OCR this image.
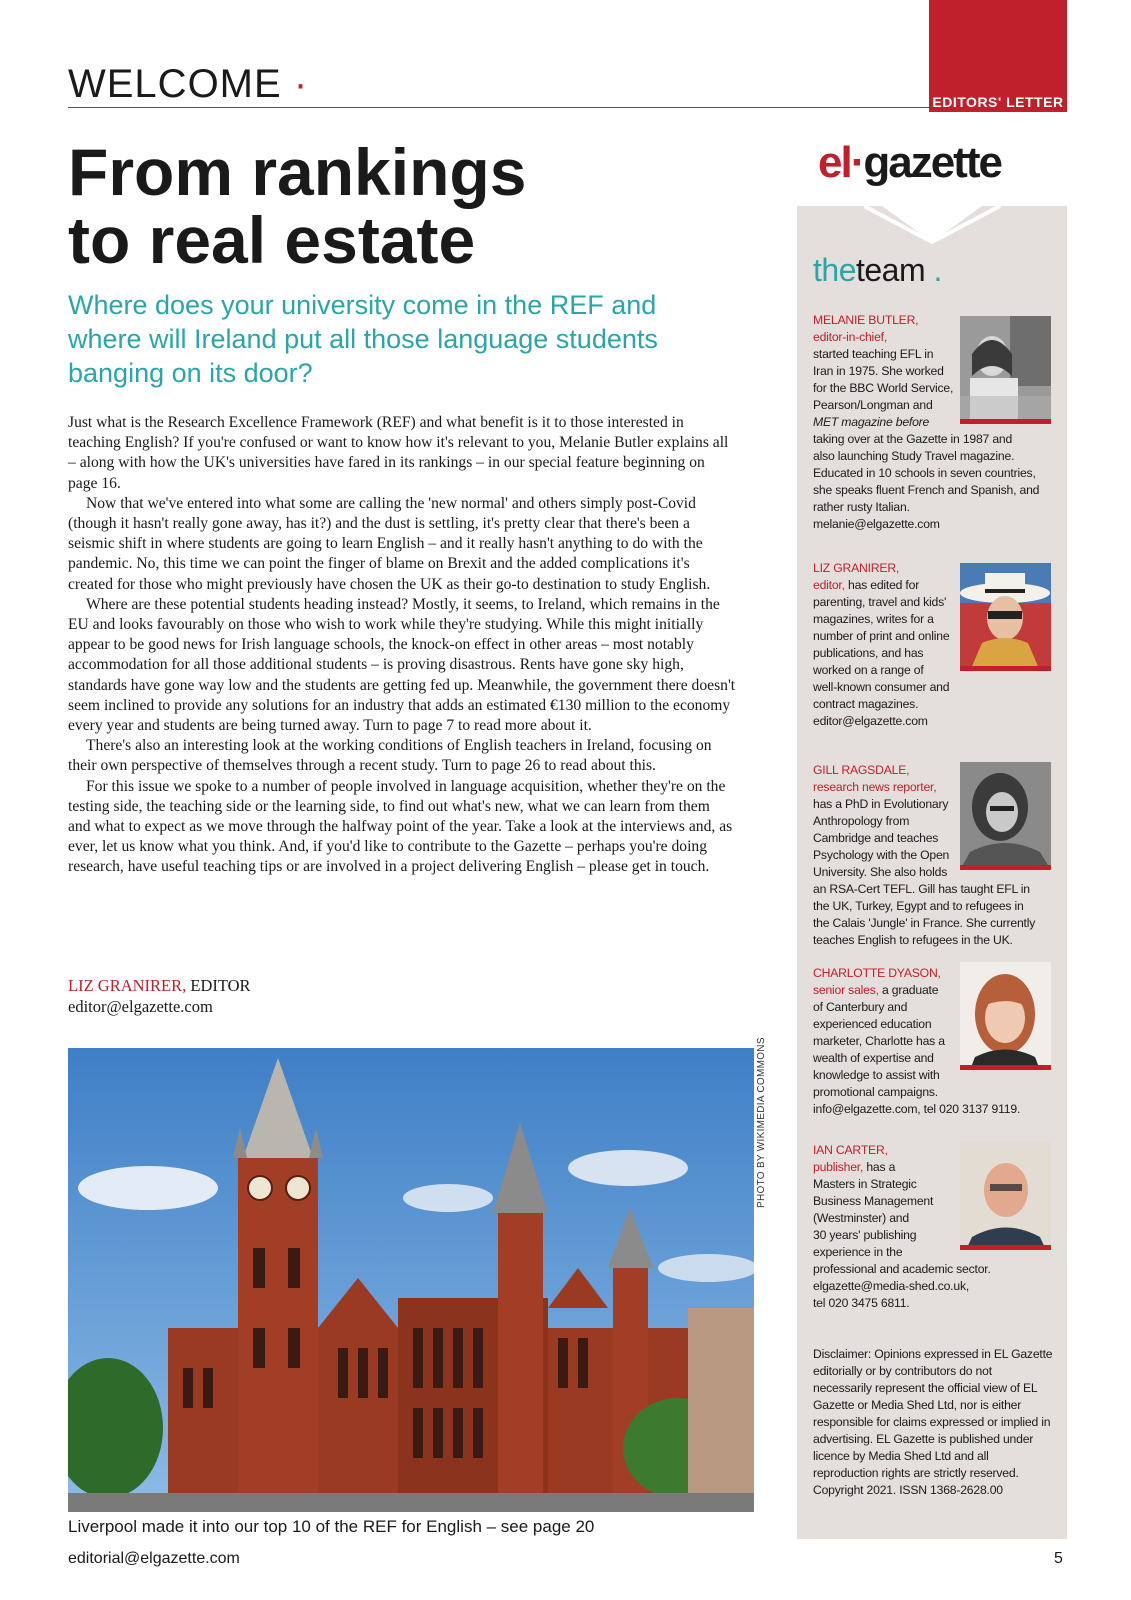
WELCOME ·	EDITORS' LETTER
el·gazette
From rankings
to real estate
Where does your university come in the REF and where will Ireland put all those language students banging on its door?

Just what is the Research Excellence Framework (REF) and what benefit is it to those interested in teaching English? If you're confused or want to know how it's relevant to you, Melanie Butler explains all – along with how the UK's universities have fared in its rankings – in our special feature beginning on page 16.

Now that we've entered into what some are calling the 'new normal' and others simply post-Covid (though it hasn't really gone away, has it?) and the dust is settling, it's pretty clear that there's been a seismic shift in where students are going to learn English – and it really hasn't anything to do with the pandemic. No, this time we can point the finger of blame on Brexit and the added complications it's created for those who might previously have chosen the UK as their go-to destination to study English.

Where are these potential students heading instead? Mostly, it seems, to Ireland, which remains in the EU and looks favourably on those who wish to work while they're studying. While this might initially appear to be good news for Irish language schools, the knock-on effect in other areas – most notably accommodation for all those additional students – is proving disastrous. Rents have gone sky high, standards have gone way low and the students are getting fed up. Meanwhile, the government there doesn't seem inclined to provide any solutions for an industry that adds an estimated €130 million to the economy every year and students are being turned away. Turn to page 7 to read more about it.

There's also an interesting look at the working conditions of English teachers in Ireland, focusing on their own perspective of themselves through a recent study. Turn to page 26 to read about this.

For this issue we spoke to a number of people involved in language acquisition, whether they're on the testing side, the teaching side or the learning side, to find out what's new, what we can learn from them and what to expect as we move through the halfway point of the year. Take a look at the interviews and, as ever, let us know what you think. And, if you'd like to contribute to the Gazette – perhaps you're doing research, have useful teaching tips or are involved in a project delivering English – please get in touch.

LIZ GRANIRER, EDITOR
editor@elgazette.com
PHOTO BY WIKIMEDIA COMMONS
Liverpool made it into our top 10 of the REF for English – see page 20
editorial@elgazette.com	5
theteam .
MELANIE BUTLER,
editor-in-chief,
started teaching EFL in
Iran in 1975. She worked
for the BBC World Service,
Pearson/Longman and
MET magazine before
taking over at the Gazette in 1987 and
also launching Study Travel magazine.
Educated in 10 schools in seven countries,
she speaks fluent French and Spanish, and
rather rusty Italian.
melanie@elgazette.com
LIZ GRANIRER,
editor, has edited for
parenting, travel and kids'
magazines, writes for a
number of print and online
publications, and has
worked on a range of
well-known consumer and
contract magazines.
editor@elgazette.com
GILL RAGSDALE,
research news reporter,
has a PhD in Evolutionary
Anthropology from
Cambridge and teaches
Psychology with the Open
University. She also holds
an RSA-Cert TEFL. Gill has taught EFL in
the UK, Turkey, Egypt and to refugees in
the Calais 'Jungle' in France. She currently
teaches English to refugees in the UK.
CHARLOTTE DYASON,
senior sales, a graduate
of Canterbury and
experienced education
marketer, Charlotte has a
wealth of expertise and
knowledge to assist with
promotional campaigns.
info@elgazette.com, tel 020 3137 9119.
IAN CARTER,
publisher, has a
Masters in Strategic
Business Management
(Westminster) and
30 years' publishing
experience in the
professional and academic sector.
elgazette@media-shed.co.uk,
tel 020 3475 6811.
Disclaimer: Opinions expressed in EL Gazette editorially or by contributors do not necessarily represent the official view of EL Gazette or Media Shed Ltd, nor is either responsible for claims expressed or implied in advertising. EL Gazette is published under licence by Media Shed Ltd and all reproduction rights are strictly reserved. Copyright 2021. ISSN 1368-2628.00
